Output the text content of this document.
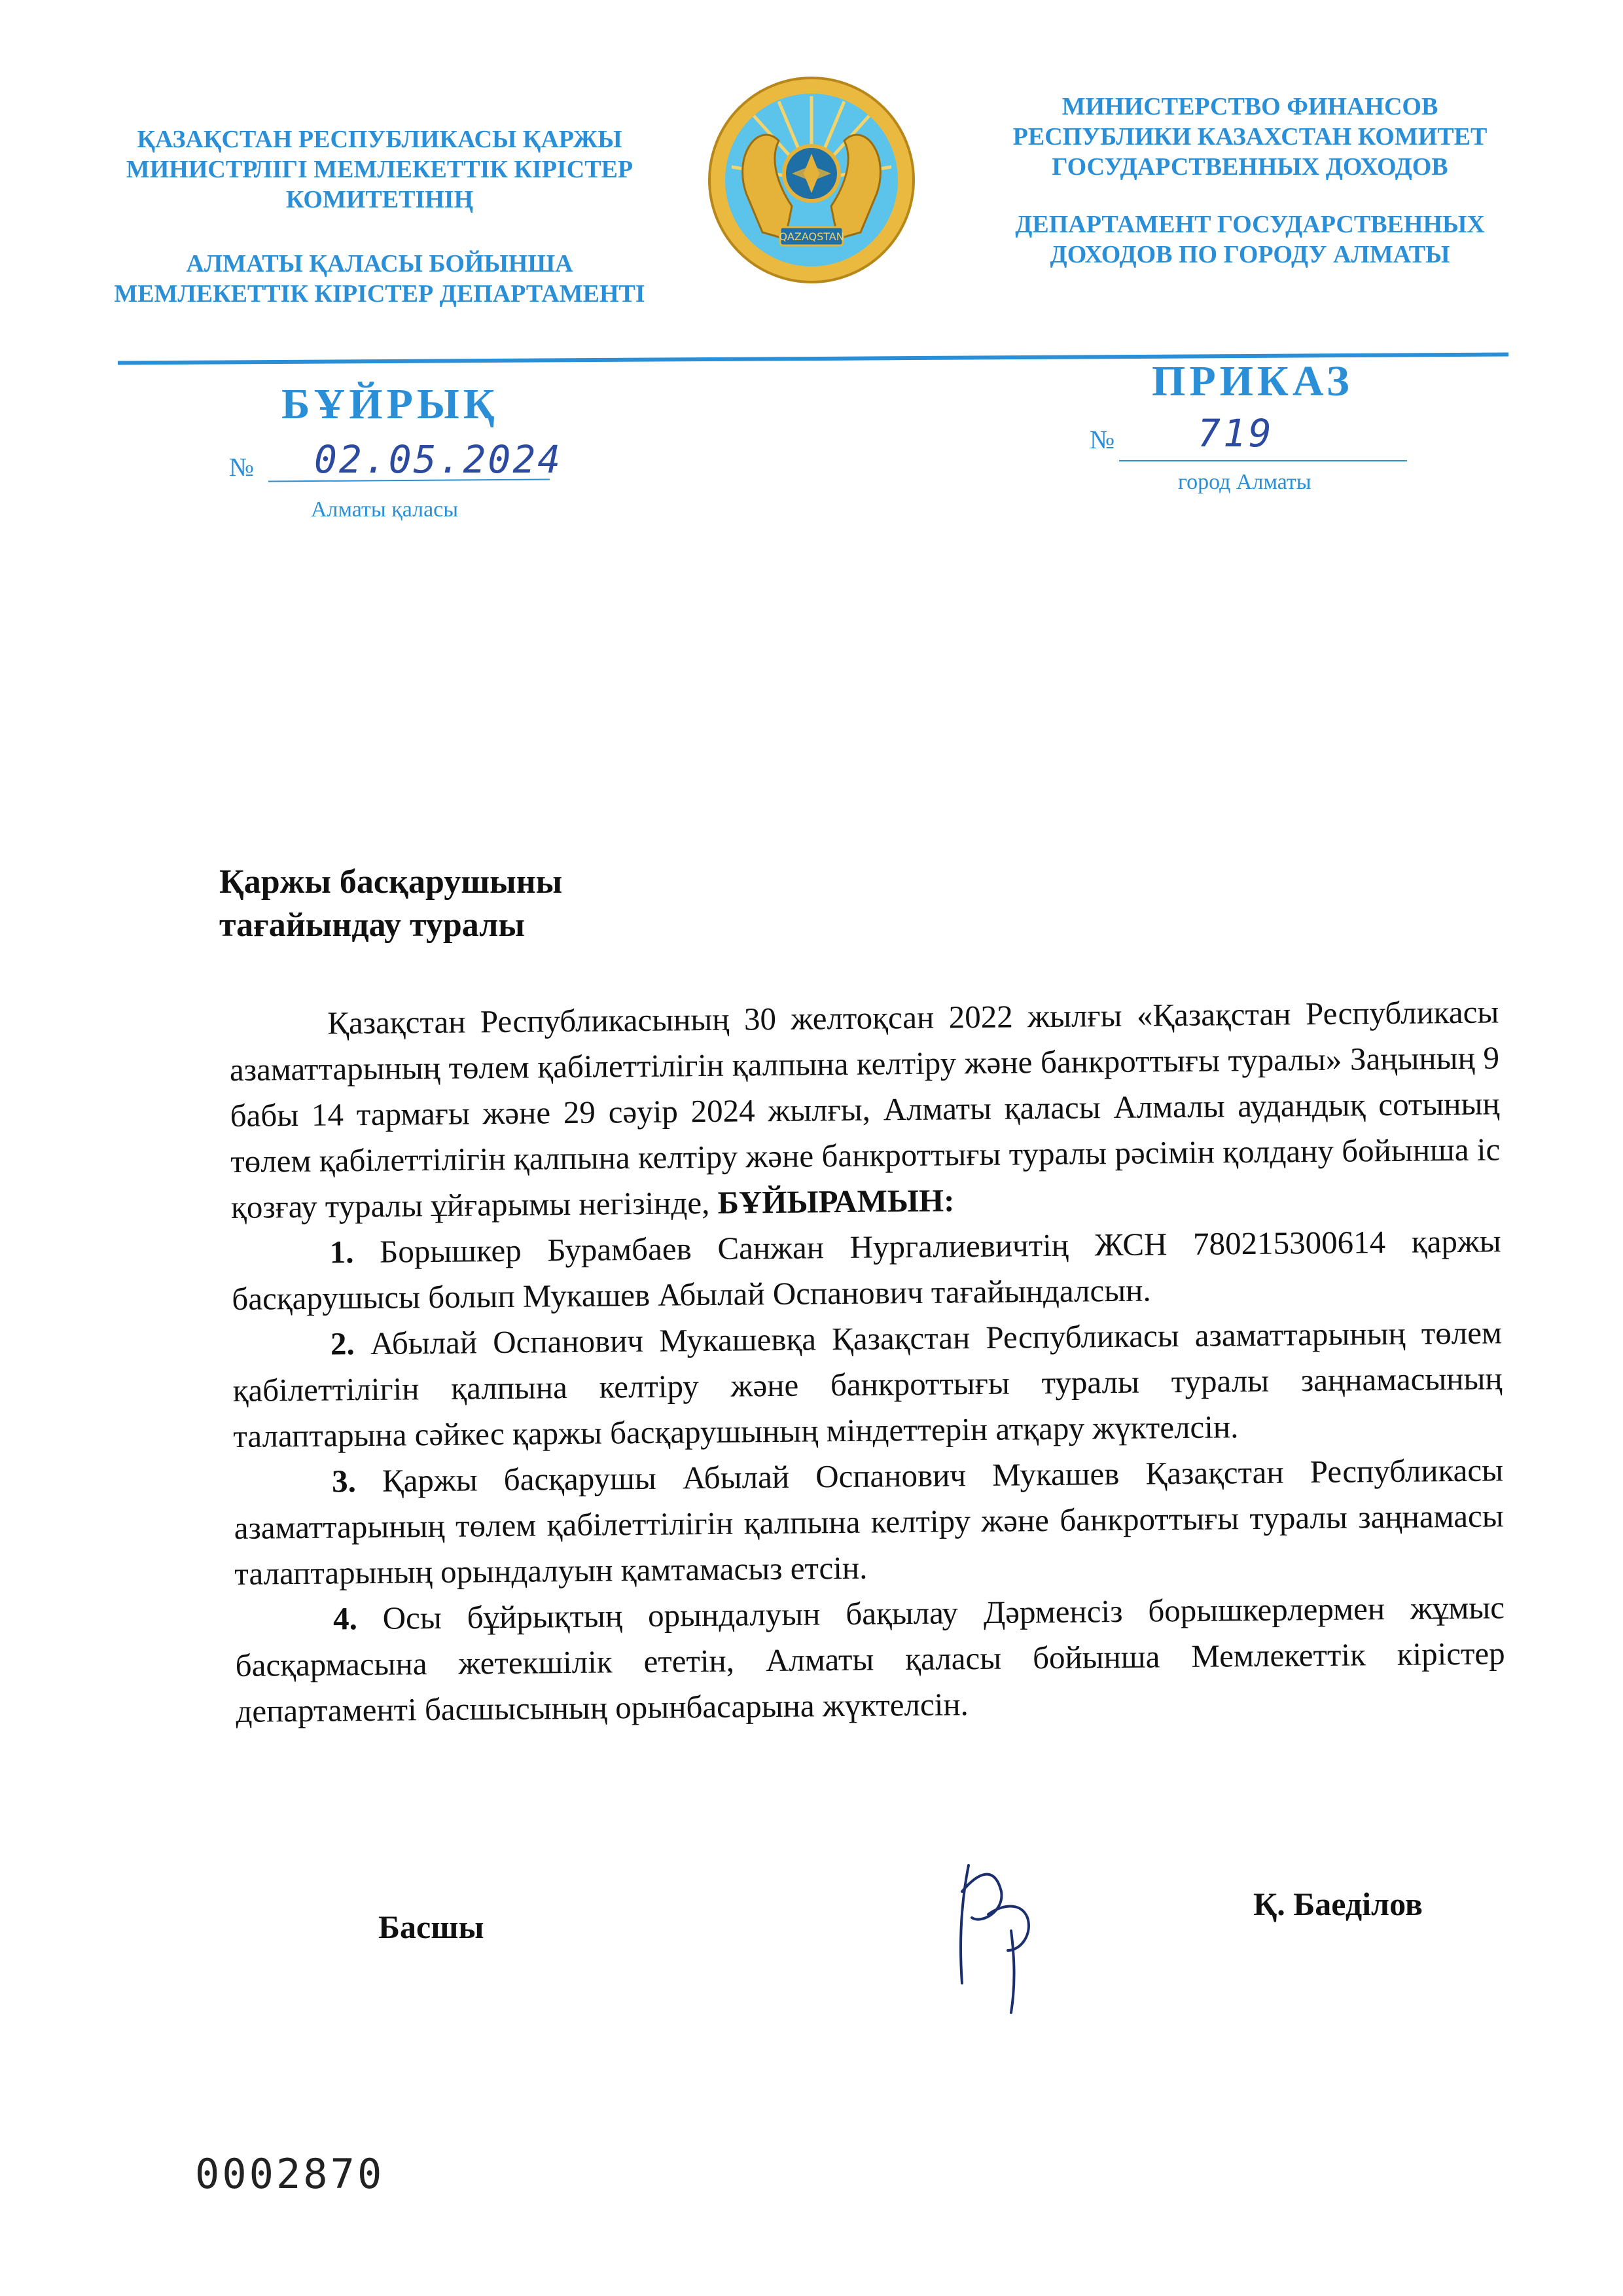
ҚАЗАҚСТАН РЕСПУБЛИКАСЫ ҚАРЖЫ МИНИСТРЛІГІ МЕМЛЕКЕТТІК КІРІСТЕР КОМИТЕТІНІҢ
АЛМАТЫ ҚАЛАСЫ БОЙЫНША МЕМЛЕКЕТТІК КІРІСТЕР ДЕПАРТАМЕНТІ
МИНИСТЕРСТВО ФИНАНСОВ РЕСПУБЛИКИ КАЗАХСТАН КОМИТЕТ ГОСУДАРСТВЕННЫХ ДОХОДОВ
ДЕПАРТАМЕНТ ГОСУДАРСТВЕННЫХ ДОХОДОВ ПО ГОРОДУ АЛМАТЫ
QAZAQSTAN
БҰЙРЫҚ	ПРИКАЗ
№ 02.05.2024
Алматы қаласы
№ 719
город Алматы
Қаржы басқарушыны
тағайындау туралы

Қазақстан Республикасының 30 желтоқсан 2022 жылғы «Қазақстан Республикасы азаматтарының төлем қабілеттілігін қалпына келтіру және банкроттығы туралы» Заңының 9 бабы 14 тармағы және 29 сәуір 2024 жылғы, Алматы қаласы Алмалы аудандық сотының төлем қабілеттілігін қалпына келтіру және банкроттығы туралы рәсімін қолдану бойынша іс қозғау туралы ұйғарымы негізінде, БҰЙЫРАМЫН:

1. Борышкер Бурамбаев Санжан Нургалиевичтің ЖСН 780215300614 қаржы басқарушысы болып Мукашев Абылай Оспанович тағайындалсын.

2. Абылай Оспанович Мукашевқа Қазақстан Республикасы азаматтарының төлем қабілеттілігін қалпына келтіру және банкроттығы туралы туралы заңнамасының талаптарына сәйкес қаржы басқарушының міндеттерін атқару жүктелсін.

3. Қаржы басқарушы Абылай Оспанович Мукашев Қазақстан Республикасы азаматтарының төлем қабілеттілігін қалпына келтіру және банкроттығы туралы заңнамасы талаптарының орындалуын қамтамасыз етсін.

4. Осы бұйрықтың орындалуын бақылау Дәрменсіз борышкерлермен жұмыс басқармасына жетекшілік ететін, Алматы қаласы бойынша Мемлекеттік кірістер департаменті басшысының орынбасарына жүктелсін.

Басшы
Қ. Баеділов
0002870
